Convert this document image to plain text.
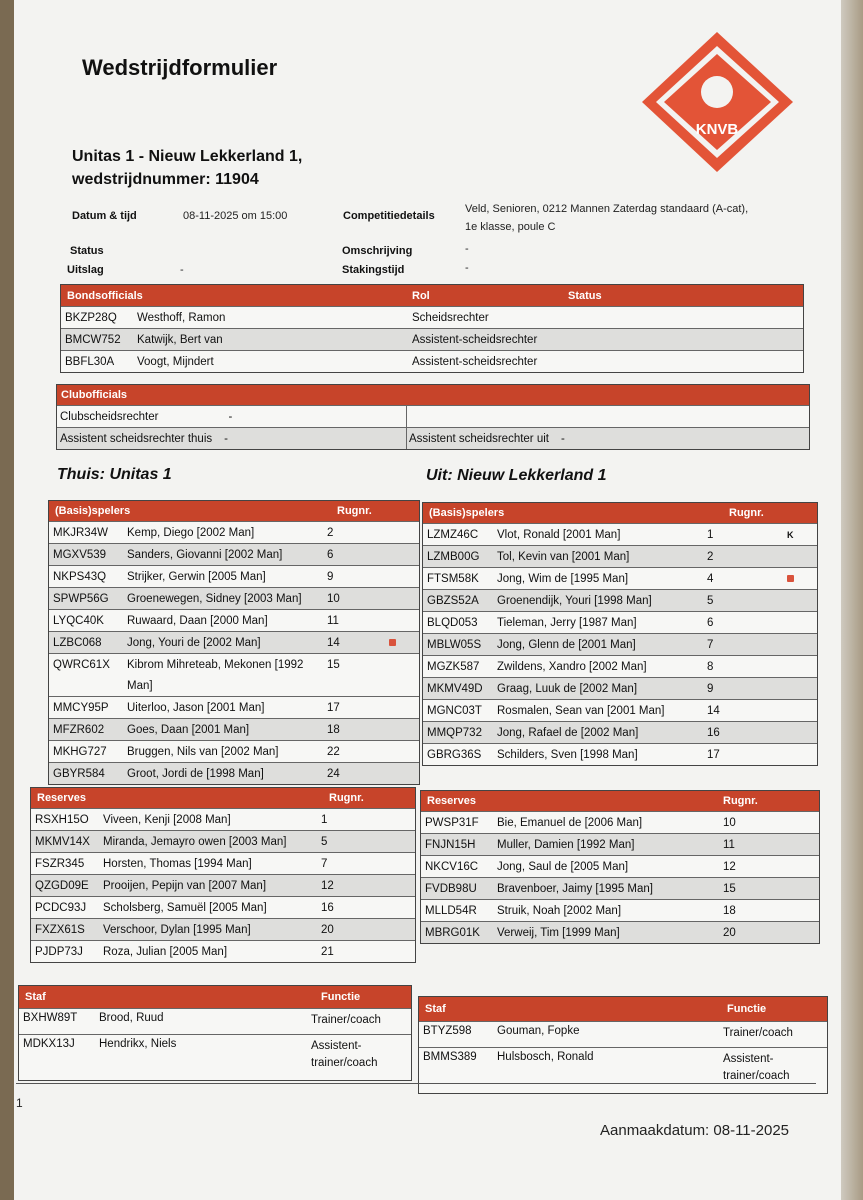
Wedstrijdformulier
KNVB
Unitas 1 - Nieuw Lekkerland 1,
wedstrijdnummer: 11904
Datum & tijd	08-11-2025 om 15:00
Status
Uitslag	-
Competitiedetails
Veld, Senioren, 0212 Mannen Zaterdag standaard (A-cat),
1e klasse, poule C
Omschrijving	-
Stakingstijd	-
Bondsofficials	Rol	Status
BKZP28Q	Westhoff, Ramon	Scheidsrechter
BMCW752	Katwijk, Bert van	Assistent-scheidsrechter
BBFL30A	Voogt, Mijndert	Assistent-scheidsrechter
Clubofficials
Clubscheidsrechter	-
Assistent scheidsrechter thuis -	Assistent scheidsrechter uit -
Thuis: Unitas 1	Uit: Nieuw Lekkerland 1
(Basis)spelers	Rugnr.
MKJR34W	Kemp, Diego [2002 Man]	2
MGXV539	Sanders, Giovanni [2002 Man]	6
NKPS43Q	Strijker, Gerwin [2005 Man]	9
SPWP56G	Groenewegen, Sidney [2003 Man]	10
LYQC40K	Ruwaard, Daan [2000 Man]	11
LZBC068	Jong, Youri de [2002 Man]	14
QWRC61X	Kibrom Mihreteab, Mekonen [1992	15
Man]
MMCY95P	Uiterloo, Jason [2001 Man]	17
MFZR602	Goes, Daan [2001 Man]	18
MKHG727	Bruggen, Nils van [2002 Man]	22
GBYR584	Groot, Jordi de [1998 Man]	24
(Basis)spelers	Rugnr.
LZMZ46C	Vlot, Ronald [2001 Man]	1	K
LZMB00G	Tol, Kevin van [2001 Man]	2
FTSM58K	Jong, Wim de [1995 Man]	4
GBZS52A	Groenendijk, Youri [1998 Man]	5
BLQD053	Tieleman, Jerry [1987 Man]	6
MBLW05S	Jong, Glenn de [2001 Man]	7
MGZK587	Zwildens, Xandro [2002 Man]	8
MKMV49D	Graag, Luuk de [2002 Man]	9
MGNC03T	Rosmalen, Sean van [2001 Man]	14
MMQP732	Jong, Rafael de [2002 Man]	16
GBRG36S	Schilders, Sven [1998 Man]	17
Reserves	Rugnr.
RSXH15O	Viveen, Kenji [2008 Man]	1
MKMV14X	Miranda, Jemayro owen [2003 Man]	5
FSZR345	Horsten, Thomas [1994 Man]	7
QZGD09E	Prooijen, Pepijn van [2007 Man]	12
PCDC93J	Scholsberg, Samuël [2005 Man]	16
FXZX61S	Verschoor, Dylan [1995 Man]	20
PJDP73J	Roza, Julian [2005 Man]	21
Reserves	Rugnr.
PWSP31F	Bie, Emanuel de [2006 Man]	10
FNJN15H	Muller, Damien [1992 Man]	11
NKCV16C	Jong, Saul de [2005 Man]	12
FVDB98U	Bravenboer, Jaimy [1995 Man]	15
MLLD54R	Struik, Noah [2002 Man]	18
MBRG01K	Verweij, Tim [1999 Man]	20
Staf	Functie
BXHW89T	Brood, Ruud	Trainer/coach
MDKX13J	Hendrikx, Niels	Assistent-
trainer/coach
Staf	Functie
BTYZ598	Gouman, Fopke	Trainer/coach
BMMS389	Hulsbosch, Ronald	Assistent-
trainer/coach
1
Aanmaakdatum: 08-11-2025
